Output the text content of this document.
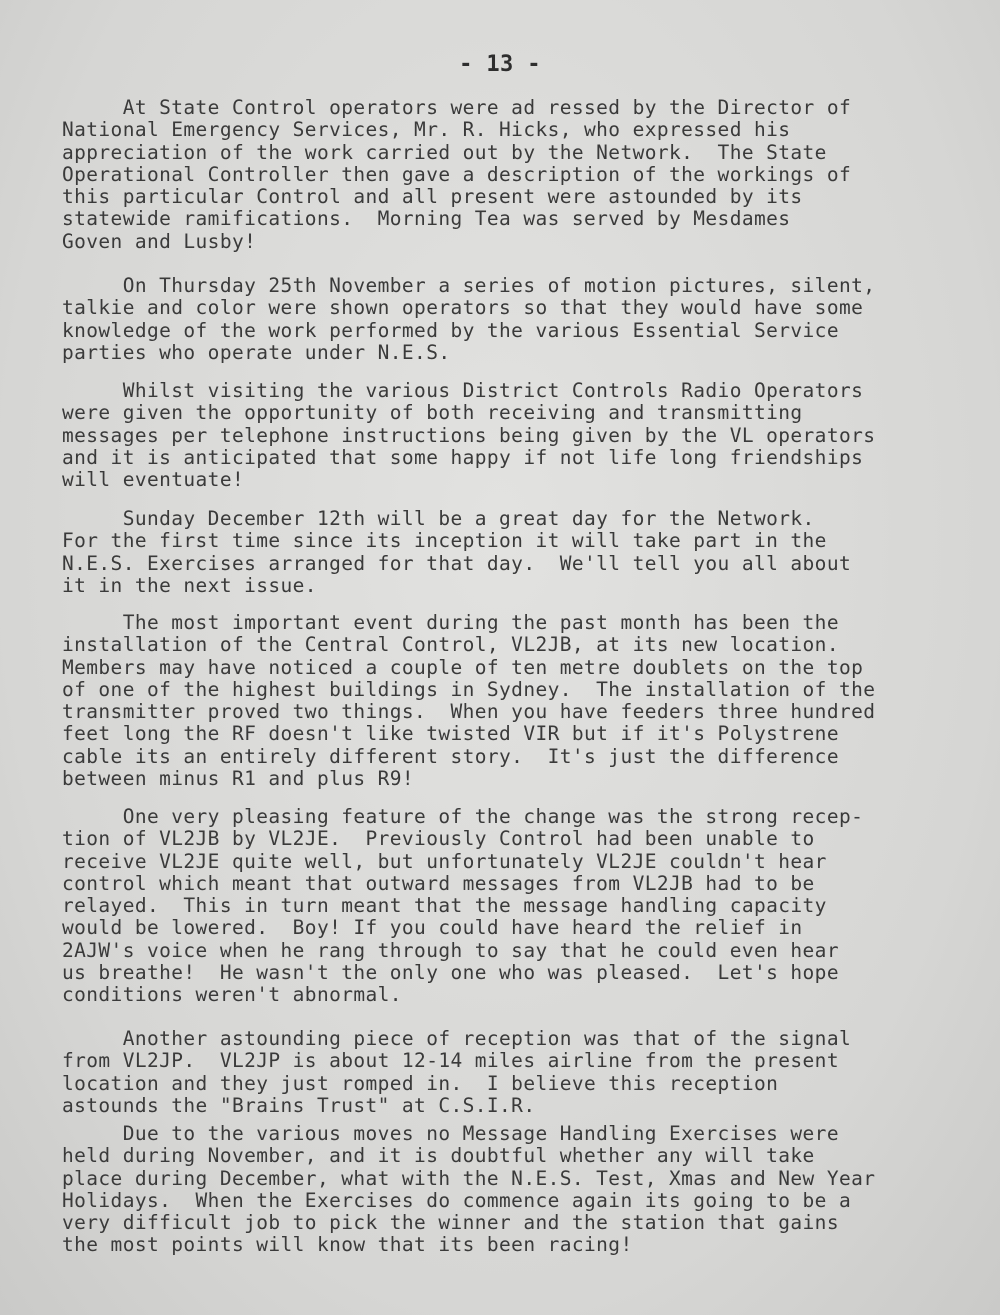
- 13 -
At State Control operators were ad ressed by the Director of
National Emergency Services, Mr. R. Hicks, who expressed his
appreciation of the work carried out by the Network.  The State
Operational Controller then gave a description of the workings of
this particular Control and all present were astounded by its
statewide ramifications.  Morning Tea was served by Mesdames
Goven and Lusby!
On Thursday 25th November a series of motion pictures, silent,
talkie and color were shown operators so that they would have some
knowledge of the work performed by the various Essential Service
parties who operate under N.E.S.
Whilst visiting the various District Controls Radio Operators
were given the opportunity of both receiving and transmitting
messages per telephone instructions being given by the VL operators
and it is anticipated that some happy if not life long friendships
will eventuate!
Sunday December 12th will be a great day for the Network.
For the first time since its inception it will take part in the
N.E.S. Exercises arranged for that day.  We'll tell you all about
it in the next issue.
The most important event during the past month has been the
installation of the Central Control, VL2JB, at its new location.
Members may have noticed a couple of ten metre doublets on the top
of one of the highest buildings in Sydney.  The installation of the
transmitter proved two things.  When you have feeders three hundred
feet long the RF doesn't like twisted VIR but if it's Polystrene
cable its an entirely different story.  It's just the difference
between minus R1 and plus R9!
One very pleasing feature of the change was the strong recep-
tion of VL2JB by VL2JE.  Previously Control had been unable to
receive VL2JE quite well, but unfortunately VL2JE couldn't hear
control which meant that outward messages from VL2JB had to be
relayed.  This in turn meant that the message handling capacity
would be lowered.  Boy! If you could have heard the relief in
2AJW's voice when he rang through to say that he could even hear
us breathe!  He wasn't the only one who was pleased.  Let's hope
conditions weren't abnormal.
Another astounding piece of reception was that of the signal
from VL2JP.  VL2JP is about 12-14 miles airline from the present
location and they just romped in.  I believe this reception
astounds the "Brains Trust" at C.S.I.R.
Due to the various moves no Message Handling Exercises were
held during November, and it is doubtful whether any will take
place during December, what with the N.E.S. Test, Xmas and New Year
Holidays.  When the Exercises do commence again its going to be a
very difficult job to pick the winner and the station that gains
the most points will know that its been racing!
